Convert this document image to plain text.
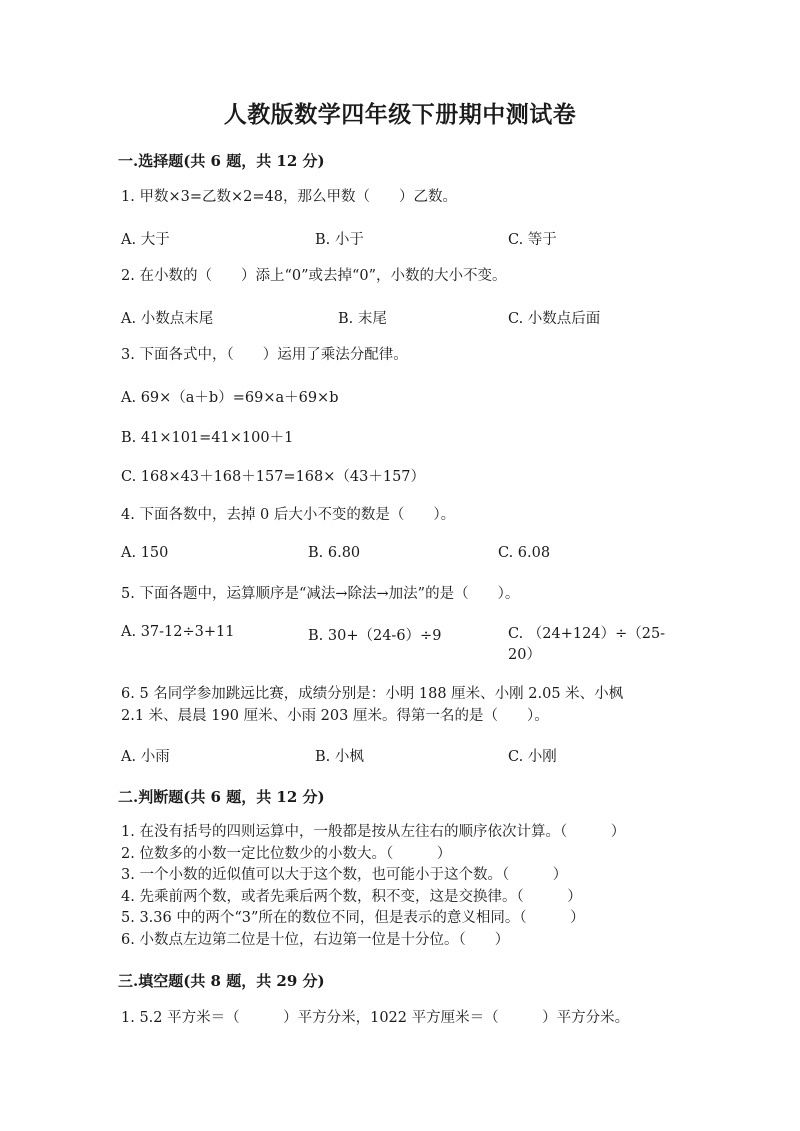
人教版数学四年级下册期中测试卷
一.选择题(共 6 题，共 12 分)
1. 甲数×3=乙数×2=48，那么甲数（　　）乙数。
A. 大于	B. 小于	C. 等于
2. 在小数的（　　）添上“0”或去掉“0”，小数的大小不变。
A. 小数点末尾	B. 末尾	C. 小数点后面
3. 下面各式中，（　　）运用了乘法分配律。
A. 69×（a＋b）=69×a＋69×b
B. 41×101=41×100＋1
C. 168×43＋168＋157=168×（43＋157）
4. 下面各数中，去掉 0 后大小不变的数是（　　）。
A. 150	B. 6.80	C. 6.08
5. 下面各题中，运算顺序是“减法→除法→加法”的是（　　）。
A. 37-12÷3+11	B. 30+（24-6）÷9	C. （24+124）÷（25-20）
6. 5 名同学参加跳远比赛，成绩分别是：小明 188 厘米、小刚 2.05 米、小枫
2.1 米、晨晨 190 厘米、小雨 203 厘米。得第一名的是（　　）。
A. 小雨	B. 小枫	C. 小刚
二.判断题(共 6 题，共 12 分)
1. 在没有括号的四则运算中，一般都是按从左往右的顺序依次计算。（　　　）
2. 位数多的小数一定比位数少的小数大。（　　　）
3. 一个小数的近似值可以大于这个数，也可能小于这个数。（　　　）
4. 先乘前两个数，或者先乘后两个数，积不变，这是交换律。（　　　）
5. 3.36 中的两个“3”所在的数位不同，但是表示的意义相同。（　　　）
6. 小数点左边第二位是十位，右边第一位是十分位。（　　）
三.填空题(共 8 题，共 29 分)
1. 5.2 平方米＝（　　　）平方分米，1022 平方厘米＝（　　　）平方分米。
